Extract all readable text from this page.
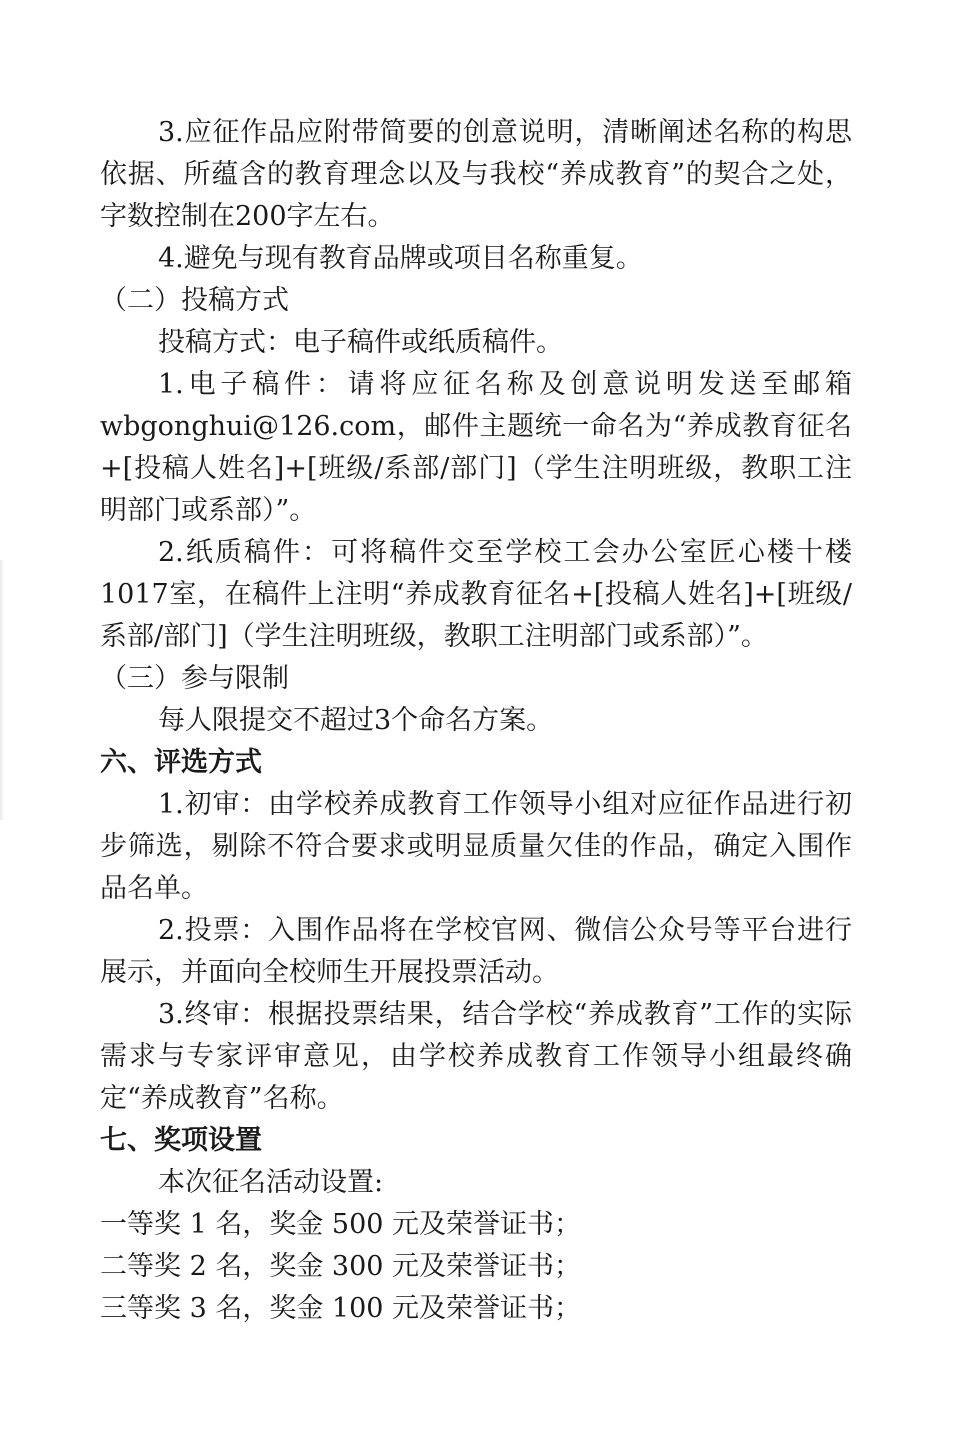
3.应征作品应附带简要的创意说明，清晰阐述名称的构思依据、所蕴含的教育理念以及与我校“养成教育”的契合之处，字数控制在200字左右。

4.避免与现有教育品牌或项目名称重复。

（二）投稿方式

投稿方式：电子稿件或纸质稿件。

1.电子稿件：请将应征名称及创意说明发送至邮箱wbgonghui@126.com，邮件主题统一命名为“养成教育征名+[投稿人姓名]+[班级/系部/部门]（学生注明班级，教职工注明部门或系部）”。

2.纸质稿件：可将稿件交至学校工会办公室匠心楼十楼1017室，在稿件上注明“养成教育征名+[投稿人姓名]+[班级/系部/部门]（学生注明班级，教职工注明部门或系部）”。

（三）参与限制

每人限提交不超过3个命名方案。

六、评选方式

1.初审：由学校养成教育工作领导小组对应征作品进行初步筛选，剔除不符合要求或明显质量欠佳的作品，确定入围作品名单。

2.投票：入围作品将在学校官网、微信公众号等平台进行展示，并面向全校师生开展投票活动。

3.终审：根据投票结果，结合学校“养成教育”工作的实际需求与专家评审意见，由学校养成教育工作领导小组最终确定“养成教育”名称。

七、奖项设置

本次征名活动设置:

一等奖 1 名，奖金 500 元及荣誉证书；

二等奖 2 名，奖金 300 元及荣誉证书；

三等奖 3 名，奖金 100 元及荣誉证书；
